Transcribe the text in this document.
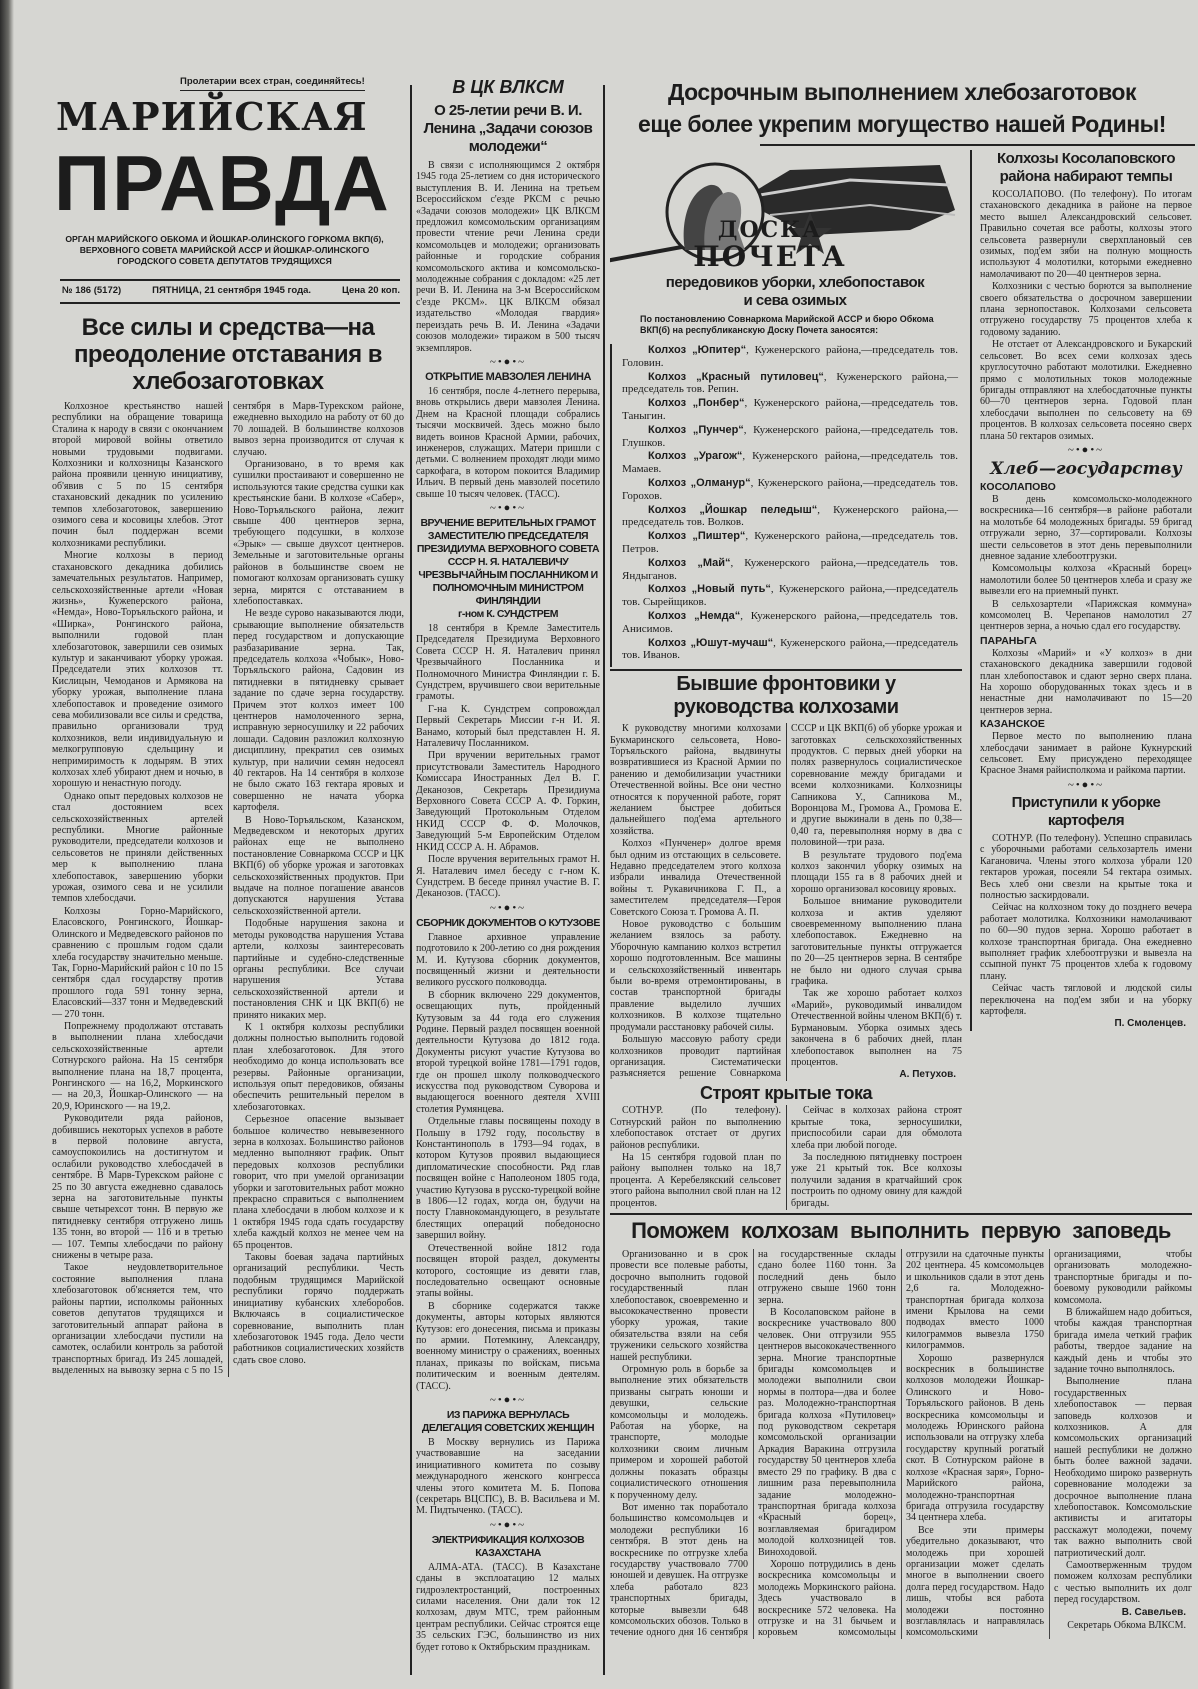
Пролетарии всех стран, соединяйтесь!
МАРИЙСКАЯ
ПРАВДА
ОРГАН МАРИЙСКОГО ОБКОМА И ЙОШКАР-ОЛИНСКОГО ГОРКОМА ВКП(б), ВЕРХОВНОГО СОВЕТА МАРИЙСКОЙ АССР И ЙОШКАР-ОЛИНСКОГО ГОРОДСКОГО СОВЕТА ДЕПУТАТОВ ТРУДЯЩИХСЯ
№ 186 (5172)	ПЯТНИЦА, 21 сентября 1945 года.	Цена 20 коп.
Все силы и средства—на преодоление отставания в хлебозаготовках

Колхозное крестьянство нашей республики на обращение товарища Сталина к народу в связи с окончанием второй мировой войны ответило новыми трудовыми подвигами. Колхозники и колхозницы Казанского района проявили ценную инициативу, об'явив с 5 по 15 сентября стахановский декадник по усилению темпов хлебозаготовок, завершению озимого сева и косовицы хлебов. Этот почин был поддержан всеми колхозниками республики.

Многие колхозы в период стахановского декадника добились замечательных результатов. Например, сельскохозяйственные артели «Новая жизнь», Кужenерского района, «Немда», Ново-Торъяльского района, и «Шиpкa», Ронгинского района, выполнили годовой план хлебозаготовок, завершили сев озимых культур и заканчивают уборку урожая. Председатели этих колхозов тт. Кислицын, Чемоданов и Армякова на уборку урожая, выполнение плана хлебопоставок и проведение озимого сева мобилизовали все силы и средства, правильно организовали труд колхозников, вели индивидуальную и мелкогрупповую сдельщину и непримиримость к лодырям. В этих колхозах хлеб убирают днем и ночью, в хорошую и ненастную погоду.

Однако опыт передовых колхозов не стал достоянием всех сельскохозяйственных артелей республики. Многие районные руководители, председатели колхозов и сельсоветов не приняли действенных мер к выполнению плана хлебопоставок, завершению уборки урожая, озимого сева и не усилили темпов хлебосдачи.

Колхозы Горно-Марийского, Еласовского, Ронгинского, Йошкар-Олинского и Медведевского районов по сравнению с прошлым годом сдали хлеба государству значительно меньше. Так, Горно-Марийский район с 10 по 15 сентября сдал государству против прошлого года 591 тонну зерна, Еласовский—337 тонн и Медведевский — 270 тонн.

Попрежнему продолжают отставать в выполнении плана хлебосдачи сельскохозяйственные артели Сотнурского района. На 15 сентября выполнение плана на 18,7 процента, Ронгинского — на 16,2, Моркинского — на 20,3, Йошкар-Олинского — на 20,9, Юринского — на 19,2.

Руководители ряда районов, добившись некоторых успехов в работе в первой половине августа, самоуспокоились на достигнутом и ослабили руководство хлебосдачей в сентябре. В Марв-Турекском районе с 25 по 30 августа ежедневно сдавалось зерна на заготовительные пункты свыше четырехсот тонн. В первую же пятидневку сентября отгружено лишь 135 тонн, во второй — 116 и в третью — 107. Темпы хлебосдачи по району снижены в четыре раза.

Такое неудовлетворительное состояние выполнения плана хлебозаготовок об'ясняется тем, что районы партии, исполкомы районных советов депутатов трудящихся и заготовительный аппарат района в организации хлебосдачи пустили на самотек, ослабили контроль за работой транспортных бригад. Из 245 лошадей, выделенных на вывозку зерна с 5 по 15 сентября в Марв-Турекском районе, ежедневно выходило на работу от 60 до 70 лошадей. В большинстве колхозов вывоз зерна производится от случая к случаю.

Организовано, в то время как сушилки простаивают и совершенно не используются такие средства сушки как крестьянские бани. В колхозе «Сабер», Ново-Торъяльского района, лежит свыше 400 центнеров зерна, требующего подсушки, в колхозе «Эрык» — свыше двухсот центнеров. Земельные и заготовительные органы районов в большинстве своем не помогают колхозам организовать сушку зерна, мирятся с отставанием в хлебопоставках.

Не везде сурово наказываются люди, срывающие выполнение обязательств перед государством и допускающие разбазаривание зерна. Так, председатель колхоза «Чобык», Ново-Торъяльского района, Садовин из пятидневки в пятидневку срывает задание по сдаче зерна государству. Причем этот колхоз имеет 100 центнеров намолоченного зерна, исправную зерносушилку и 22 рабочих лошади. Садовин разложил колхозную дисциплину, прекратил сев озимых культур, при наличии семян недосеял 40 гектаров. На 14 сентября в колхозе не было сжато 163 гектара яровых и совершенно не начата уборка картофеля.

В Ново-Торъяльском, Казанском, Медведевском и некоторых других районах еще не выполнено постановление Совнаркома СССР и ЦК ВКП(б) об уборке урожая и заготовках сельскохозяйственных продуктов. При выдаче на полное погашение авансов допускаются нарушения Устава сельскохозяйственной артели.

Подобные нарушения закона и методы руководства нарушения Устава артели, колхозы заинтересовать партийные и судебно-следственные органы республики. Все случаи нарушения Устава сельскохозяйственной артели и постановления СНК и ЦК ВКП(б) не принято никаких мер.

К 1 октября колхозы республики должны полностью выполнить годовой план хлебозаготовок. Для этого необходимо до конца использовать все резервы. Районные организации, используя опыт передовиков, обязаны обеспечить решительный перелом в хлебозаготовках.

Серьезное опасение вызывает большое количество невывезенного зерна в колхозах. Большинство районов медленно выполняют график. Опыт передовых колхозов республики говорит, что при умелой организации уборки и заготовительных работ можно прекрасно справиться с выполнением плана хлебосдачи в любом колхозе и к 1 октября 1945 года сдать государству хлеба каждый колхоз не менее чем на 65 процентов.

Таковы боевая задача партийных организаций республики. Честь подобным трудящимся Марийской республики горячо поддержать инициативу кубанских хлеборобов. Включаясь в социалистическое соревнование, выполнить план хлебозаготовок 1945 года. Дело чести работников социалистических хозяйств сдать свое слово.

В ЦК ВЛКСМ
О 25-летии речи В. И. Ленина „Задачи союзов молодежи“

В связи с исполняющимся 2 октября 1945 года 25-летием со дня исторического выступления В. И. Ленина на третьем Всероссийском с'езде РКСМ с речью «Задачи союзов молодежи» ЦК ВЛКСМ предложил комсомольским организациям провести чтение речи Ленина среди комсомольцев и молодежи; организовать районные и городские собрания комсомольского актива и комсомольско-молодежные собрания с докладом: «25 лет речи В. И. Ленина на 3-м Всероссийском с'езде РКСМ». ЦК ВЛКСМ обязал издательство «Молодая гвардия» переиздать речь В. И. Ленина «Задачи союзов молодежи» тиражом в 500 тысяч экземпляров.

~•●•~
ОТКРЫТИЕ МАВЗОЛЕЯ ЛЕНИНА

16 сентября, после 4-летнего перерыва, вновь открылись двери мавзолея Ленина. Днем на Красной площади собрались тысячи москвичей. Здесь можно было видеть воинов Красной Армии, рабочих, инженеров, служащих. Матери пришли с детьми. С волнением проходят люди мимо саркофага, в котором покоится Владимир Ильич. В первый день мавзолей посетило свыше 10 тысяч человек. (ТАСС).

~•●•~
ВРУЧЕНИЕ ВЕРИТЕЛЬНЫХ ГРАМОТ ЗАМЕСТИТЕЛЮ ПРЕДСЕДАТЕЛЯ ПРЕЗИДИУМА ВЕРХОВНОГО СОВЕТА СССР Н. Я. НАТАЛЕВИЧУ ЧРЕЗВЫЧАЙНЫМ ПОСЛАННИКОМ И ПОЛНОМОЧНЫМ МИНИСТРОМ ФИНЛЯНДИИ
г-ном К. СУНДСТРЕМ

18 сентября в Кремле Заместитель Председателя Президиума Верховного Совета СССР Н. Я. Наталевич принял Чрезвычайного Посланника и Полномочного Министра Финляндии г. Б. Сундстрем, вручившего свои верительные грамоты.

Г-на К. Сундстрем сопровождал Первый Секретарь Миссии г-н И. Я. Ванамо, который был представлен Н. Я. Наталевичу Посланником.

При вручении верительных грамот присутствовали Заместитель Народного Комиссара Иностранных Дел В. Г. Деканозов, Секретарь Президиума Верховного Совета СССР А. Ф. Горкин, Заведующий Протокольным Отделом НКИД СССР Ф. Ф. Молочков, Заведующий 5-м Европейским Отделом НКИД СССР А. Н. Абрамов.

После вручения верительных грамот Н. Я. Наталевич имел беседу с г-ном К. Сундстрем. В беседе принял участие В. Г. Деканозов. (ТАСС).

~•●•~
СБОРНИК ДОКУМЕНТОВ О КУТУЗОВЕ

Главное архивное управление подготовило к 200-летию со дня рождения М. И. Кутузова сборник документов, посвященный жизни и деятельности великого русского полководца.

В сборник включено 229 документов, освещающих путь, пройденный Кутузовым за 44 года его служения Родине. Первый раздел посвящен военной деятельности Кутузова до 1812 года. Документы рисуют участие Кутузова во второй турецкой войне 1781—1791 годов, где он прошел школу полководческого искусства под руководством Суворова и выдающегося военного деятеля XVIII столетия Румянцева.

Отдельные главы посвящены походу в Польшу в 1792 году, посольству в Константинополь в 1793—94 годах, в котором Кутузов проявил выдающиеся дипломатические способности. Ряд глав посвящен войне с Наполеоном 1805 года, участию Кутузова в русско-турецкой войне в 1806—12 годах, когда он, будучи на посту Главнокомандующего, в результате блестящих операций победоносно завершил войну.

Отечественной войне 1812 года посвящен второй раздел, документы которого, состоящие из девяти глав, последовательно освещают основные этапы войны.

В сборнике содержатся также документы, авторы которых являются Кутузов: его донесения, письма и приказы по армии. Потемкину, Александру, военному министру о сражениях, военных планах, приказы по войскам, письма политическим и военным деятелям. (ТАСС).

~•●•~
ИЗ ПАРИЖА ВЕРНУЛАСЬ ДЕЛЕГАЦИЯ СОВЕТСКИХ ЖЕНЩИН

В Москву вернулись из Парижа участвовавшие на заседании инициативного комитета по созыву международного женского конгресса члены этого комитета М. Б. Попова (секретарь ВЦСПС), В. В. Васильева и М. М. Пидтыченко. (ТАСС).

~•●•~
ЭЛЕКТРИФИКАЦИЯ КОЛХОЗОВ КАЗАХСТАНА

АЛМА-АТА. (ТАСС). В Казахстане сданы в эксплоатацию 12 малых гидроэлектростанций, построенных силами населения. Они дали ток 12 колхозам, двум МТС, трем районным центрам республики. Сейчас строятся еще 35 сельских ГЭС, большинство из них будет готово к Октябрьским праздникам.

Досрочным выполнением хлебозаготовок
еще более укрепим могущество нашей Родины!
ДОСКА
ПОЧЕТА
передовиков уборки, хлебопоставок и сева озимых
По постановлению Совнаркома Марийской АССР и бюро Обкома ВКП(б) на республиканскую Доску Почета заносятся:

Колхоз „Юпитер“, Кужeнерского района,—председатель тов. Головин.

Колхоз „Красный путиловец“, Кужeнерского района,—председатель тов. Репин.

Колхоз „Понбер“, Кужeнерского района,—председатель тов. Таныгин.

Колхоз „Пунчер“, Кужeнерского района,—председатель тов. Глушков.

Колхоз „Урагож“, Кужeнерского района,—председатель тов. Мамаев.

Колхоз „Олмaнур“, Кужeнерского района,—председатель тов. Горохов.

Колхоз „Йошкар пеледыш“, Кужeнерского района,—председатель тов. Волков.

Колхоз „Пиштер“, Кужeнерского района,—председатель тов. Петров.

Колхоз „Май“, Кужeнерского района,—председатель тов. Яндыганов.

Колхоз „Новый путь“, Кужeнерского района,—председатель тов. Сырейщиков.

Колхоз „Немда“, Кужeнерского района,—председатель тов. Анисимов.

Колхоз „Юшут-мучаш“, Кужeнерского района,—председатель тов. Иванов.

Бывшие фронтовики у руководства колхозами

К руководству многими колхозами Букмаринского сельсовета, Ново-Торъяльского района, выдвинуты возвратившиеся из Красной Армии по ранению и демобилизации участники Отечественной войны. Все они честно относятся к порученной работе, горят желанием быстрее добиться дальнейшего под'ема артельного хозяйства.

Колхоз «Пунченер» долгое время был одним из отстающих в сельсовете. Недавно председателем этого колхоза избрали инвалида Отечественной войны т. Рукавичникова Г. П., а заместителем председателя—Героя Советского Союза т. Громова А. П.

Новое руководство с большим желанием взялось за работу. Уборочную кампанию колхоз встретил хорошо подготовленным. Все машины и сельскохозяйственный инвентарь были во-время отремонтированы, в состав транспортной бригады правление выделило лучших колхозников. В колхозе тщательно продумали расстановку рабочей силы.

Большую массовую работу среди колхозников проводит партийная организация. Систематически разъясняется решение Совнаркома СССР и ЦК ВКП(б) об уборке урожая и заготовках сельскохозяйственных продуктов. С первых дней уборки на полях развернулось социалистическое соревнование между бригадами и всеми колхозниками. Колхозницы Сапникова У., Сапникова М., Воронцова М., Громова А., Громова Е. и другие выжинали в день по 0,38—0,40 га, перевыполняя норму в два с половиной—три раза.

В результате трудового под'ема колхоз закончил уборку озимых на площади 155 га в 8 рабочих дней и хорошо организовал косовицу яровых.

Большое внимание руководители колхоза и актив уделяют своевременному выполнению плана хлебопоставок. Ежедневно на заготовительные пункты отгружается по 20—25 центнеров зерна. В сентябре не было ни одного случая срыва графика.

Так же хорошо работает колхоз «Марий», руководимый инвалидом Отечественной войны членом ВКП(б) т. Бурмановым. Уборка озимых здесь закончена в 6 рабочих дней, план хлебопоставок выполнен на 75 процентов.

А. Петухов.
Строят крытые тока

СОТНУР. (По телефону). Сотнурский район по выполнению хлебопоставок отстает от других районов республики.

На 15 сентября годовой план по району выполнен только на 18,7 процента. А Керебелякский сельсовет этого района выполнил свой план на 12 процентов.

Сейчас в колхозах района строят крытые тока, зерносушилки, приспособили сараи для обмолота хлеба при любой погоде.

За последнюю пятидневку построен уже 21 крытый ток. Все колхозы получили задания в кратчайший срок построить по одному овину для каждой бригады.

Колхозы Косолаповского района набирают темпы

КОСОЛАПОВО. (По телефону). По итогам стахановского декадника в районе на первое место вышел Александровский сельсовет. Правильно сочетая все работы, колхозы этого сельсовета развернули сверхплановый сев озимых, под'ем зяби на полную мощность используют 4 молотилки, которыми ежедневно намолачивают по 20—40 центнеров зерна.

Колхозники с честью борются за выполнение своего обязательства о досрочном завершении плана зернопоставок. Колхозами сельсовета отгружено государству 75 процентов хлеба к годовому заданию.

Не отстает от Александровского и Букарский сельсовет. Во всех семи колхозах здесь круглосуточно работают молотилки. Ежедневно прямо с молотильных токов молодежные бригады отправляют на хлебосдаточные пункты 60—70 центнеров зерна. Годовой план хлебосдачи выполнен по сельсовету на 69 процентов. В колхозах сельсовета посеяно сверх плана 50 гектаров озимых.

~•●•~
Хлеб—государству
КОСОЛАПОВО

В день комсомольско-молодежного воскресника—16 сентября—в районе работали на молотьбе 64 молодежных бригады. 59 бригад отгружали зерно, 37—сортировали. Колхозы шести сельсоветов в этот день перевыполнили дневное задание хлебоотгрузки.

Комсомольцы колхоза «Красный борец» намолотили более 50 центнеров хлеба и сразу же вывезли его на приемный пункт.

В сельхозартели «Парижская коммуна» комсомолец В. Черепанов намолотил 27 центнеров зерна, а ночью сдал его государству.

ПАРАНЬГА

Колхозы «Марий» и «У колхоз» в дни стахановского декадника завершили годовой план хлебопоставок и сдают зерно сверх плана. На хорошо оборудованных токах здесь и в ненастные дни намолачивают по 15—20 центнеров зерна.

КАЗАНСКОЕ

Первое место по выполнению плана хлебосдачи занимает в районе Кукнурский сельсовет. Ему присуждено переходящее Красное Знамя райисполкома и райкома партии.

~•●•~
Приступили к уборке картофеля

СОТНУР. (По телефону). Успешно справилась с уборочными работами сельхозартель имени Кагановича. Члены этого колхоза убрали 120 гектаров урожая, посеяли 54 гектара озимых. Весь хлеб они свезли на крытые тока и полностью заскирдовали.

Сейчас на колхозном току до позднего вечера работает молотилка. Колхозники намолачивают по 60—90 пудов зерна. Хорошо работает в колхозе транспортная бригада. Она ежедневно выполняет график хлебоотгрузки и вывезла на ссыпной пункт 75 процентов хлеба к годовому плану.

Сейчас часть тягловой и людской силы переключена на под'ем зяби и на уборку картофеля.

П. Смоленцев.
Поможем колхозам выполнить первую заповедь

Организованно и в срок провести все полевые работы, досрочно выполнить годовой государственный план хлебопоставок, своевременно и высококачественно провести уборку урожая, такие обязательства взяли на себя труженики сельского хозяйства нашей республики.

Огромную роль в борьбе за выполнение этих обязательств призваны сыграть юноши и девушки, сельские комсомольцы и молодежь. Работая на уборке, на транспорте, молодые колхозники своим личным примером и хорошей работой должны показать образцы социалистического отношения к порученному делу.

Вот именно так поработало большинство комсомольцев и молодежи республики 16 сентября. В этот день на воскреснике по отгрузке хлеба государству участвовало 7700 юношей и девушек. На отгрузке хлеба работало 823 транспортных бригады, которые вывезли 648 комсомольских обозов. Только в течение одного дня 16 сентября на государственные склады сдано более 1160 тонн. За последний день было отгружено свыше 1960 тонн зерна.

В Косолаповском районе в воскреснике участвовало 800 человек. Они отгрузили 955 центнеров высококачественного зерна. Многие транспортные бригады комсомольцев и молодежи выполнили свои нормы в полтора—два и более раз. Молодежно-транспортная бригада колхоза «Путиловец» под руководством секретаря комсомольской организации Аркадия Варакина отгрузила государству 50 центнеров хлеба вместо 29 по графику. В два с лишним раза перевыполнила задание молодежно-транспортная бригада колхоза «Красный борец», возглавляемая бригадиром молодой колхозницей тов. Виноходовой.

Хорошо потрудились в день воскресника комсомольцы и молодежь Моркинского района. Здесь участвовало в воскреснике 572 человека. На отгрузке и на 31 бычьем и коровьем комсомольцы отгрузили на сдаточные пункты 202 центнера. 45 комсомольцев и школьников сдали в этот день 2,6 га. Молодежно-транспортная бригада колхоза имени Крылова на семи подводах вместо 1000 килограммов вывезла 1750 килограммов.

Хорошо развернулся воскресник в большинстве колхозов молодежи Йошкар-Олинского и Ново-Торъяльского районов. В день воскресника комсомольцы и молодежь Юринского района использовали на отгрузку хлеба государству крупный рогатый скот. В Сотнурском районе в колхозе «Красная заря», Горно-Марийского района, молодежно-транспортная бригада отгрузила государству 34 центнера хлеба.

Все эти примеры убедительно доказывают, что молодежь при хорошей организации может сделать многое в выполнении своего долга перед государством. Надо лишь, чтобы вся работа молодежи постоянно возглавлялась и направлялась комсомольскими организациями, чтобы организовать молодежно-транспортные бригады и по-боевому руководили райкомы комсомола.

В ближайшем надо добиться, чтобы каждая транспортная бригада имела четкий график работы, твердое задание на каждый день и чтобы это задание точно выполнялось.

Выполнение плана государственных хлебопоставок — первая заповедь колхозов и колхозников. А для комсомольских организаций нашей республики не должно быть более важной задачи. Необходимо широко развернуть соревнование молодежи за досрочное выполнение плана хлебопоставок. Комсомольские активисты и агитаторы расскажут молодежи, почему так важно выполнить свой патриотический долг.

Самоотверженным трудом поможем колхозам республики с честью выполнить их долг перед государством.

В. Савельев.
Секретарь Обкома ВЛКСМ.
